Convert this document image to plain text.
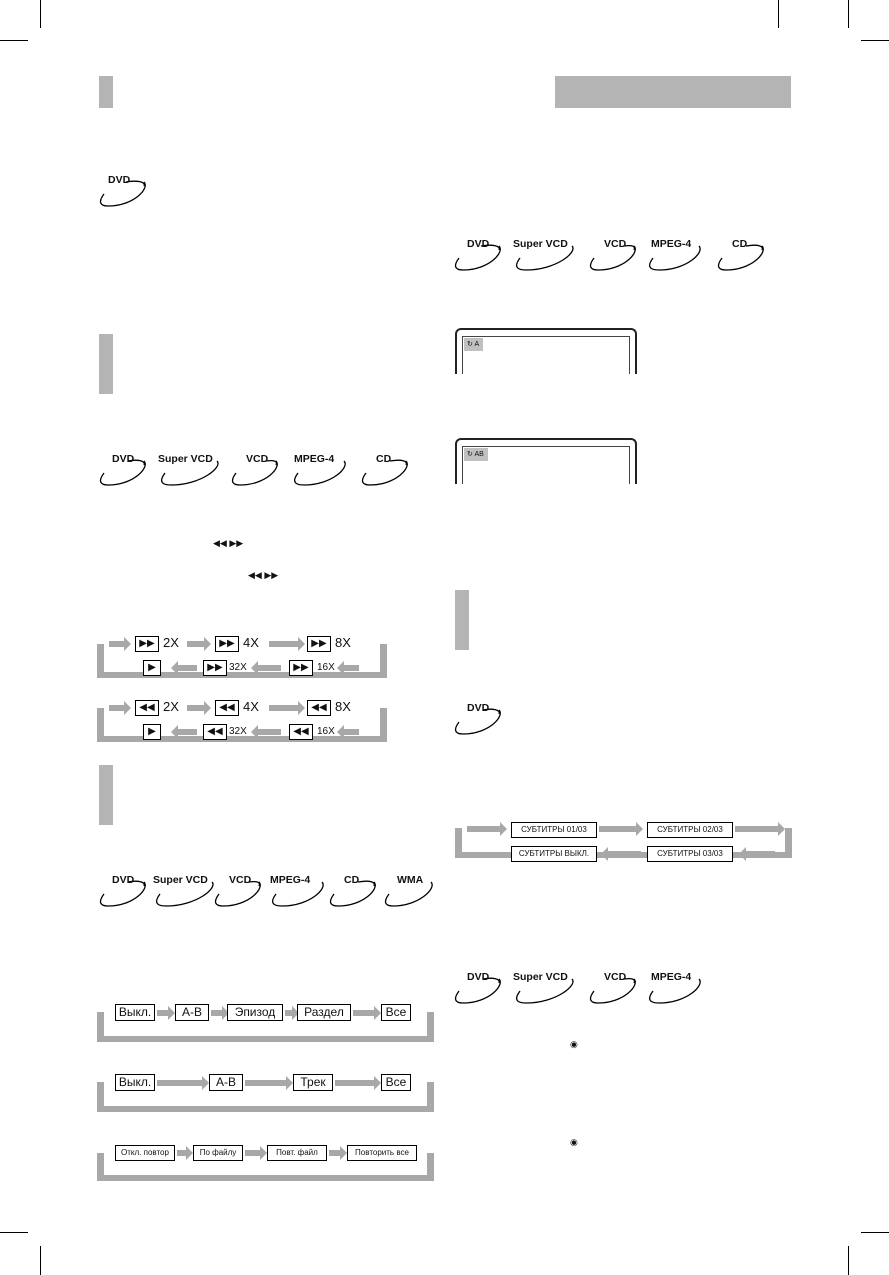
DVD
DVD Super VCD	VCD MPEG-4	CD
DVD Super VCD	VCD MPEG-4	CD
DVD Super VCD VCD MPEG-4	CD	WMA
DVD
DVD Super VCD	VCD MPEG-4
↻ A
↻ AB
◀◀ ▶▶
◀◀ ▶▶
▶▶ 2X	▶▶ 4X	▶▶ 8X
▶	▶▶ 32X	▶▶ 16X
◀◀ 2X	◀◀ 4X	◀◀ 8X
▶	◀◀ 32X	◀◀ 16X
Выкл.	A-B	Эпизод	Раздел	Все
Выкл.	A-B	Трек	Все
Откл. повтор	По файлу	Повт. файл	Повторить все
СУБТИТРЫ 01/03	СУБТИТРЫ 02/03
СУБТИТРЫ ВЫКЛ.	СУБТИТРЫ 03/03
◉
◉
